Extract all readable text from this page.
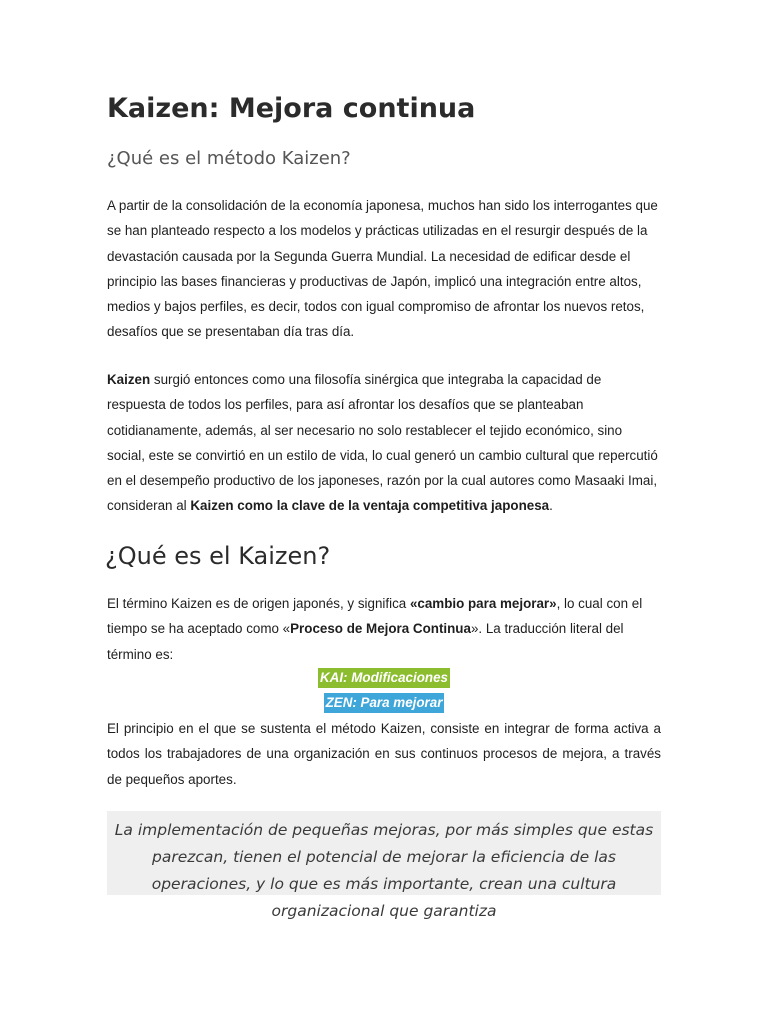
Kaizen: Mejora continua
¿Qué es el método Kaizen?

A partir de la consolidación de la economía japonesa, muchos han sido los interrogantes que se han planteado respecto a los modelos y prácticas utilizadas en el resurgir después de la devastación causada por la Segunda Guerra Mundial. La necesidad de edificar desde el principio las bases financieras y productivas de Japón, implicó una integración entre altos, medios y bajos perfiles, es decir, todos con igual compromiso de afrontar los nuevos retos, desafíos que se presentaban día tras día.

Kaizen surgió entonces como una filosofía sinérgica que integraba la capacidad de respuesta de todos los perfiles, para así afrontar los desafíos que se planteaban cotidianamente, además, al ser necesario no solo restablecer el tejido económico, sino social, este se convirtió en un estilo de vida, lo cual generó un cambio cultural que repercutió en el desempeño productivo de los japoneses, razón por la cual autores como Masaaki Imai, consideran al Kaizen como la clave de la ventaja competitiva japonesa.

¿Qué es el Kaizen?

El término Kaizen es de origen japonés, y significa «cambio para mejorar», lo cual con el tiempo se ha aceptado como «Proceso de Mejora Continua». La traducción literal del término es:

KAI: Modificaciones
ZEN: Para mejorar

El principio en el que se sustenta el método Kaizen, consiste en integrar de forma activa a todos los trabajadores de una organización en sus continuos procesos de mejora, a través de pequeños aportes.

La implementación de pequeñas mejoras, por más simples que estas parezcan, tienen el potencial de mejorar la eficiencia de las operaciones, y lo que es más importante, crean una cultura organizacional que garantiza
